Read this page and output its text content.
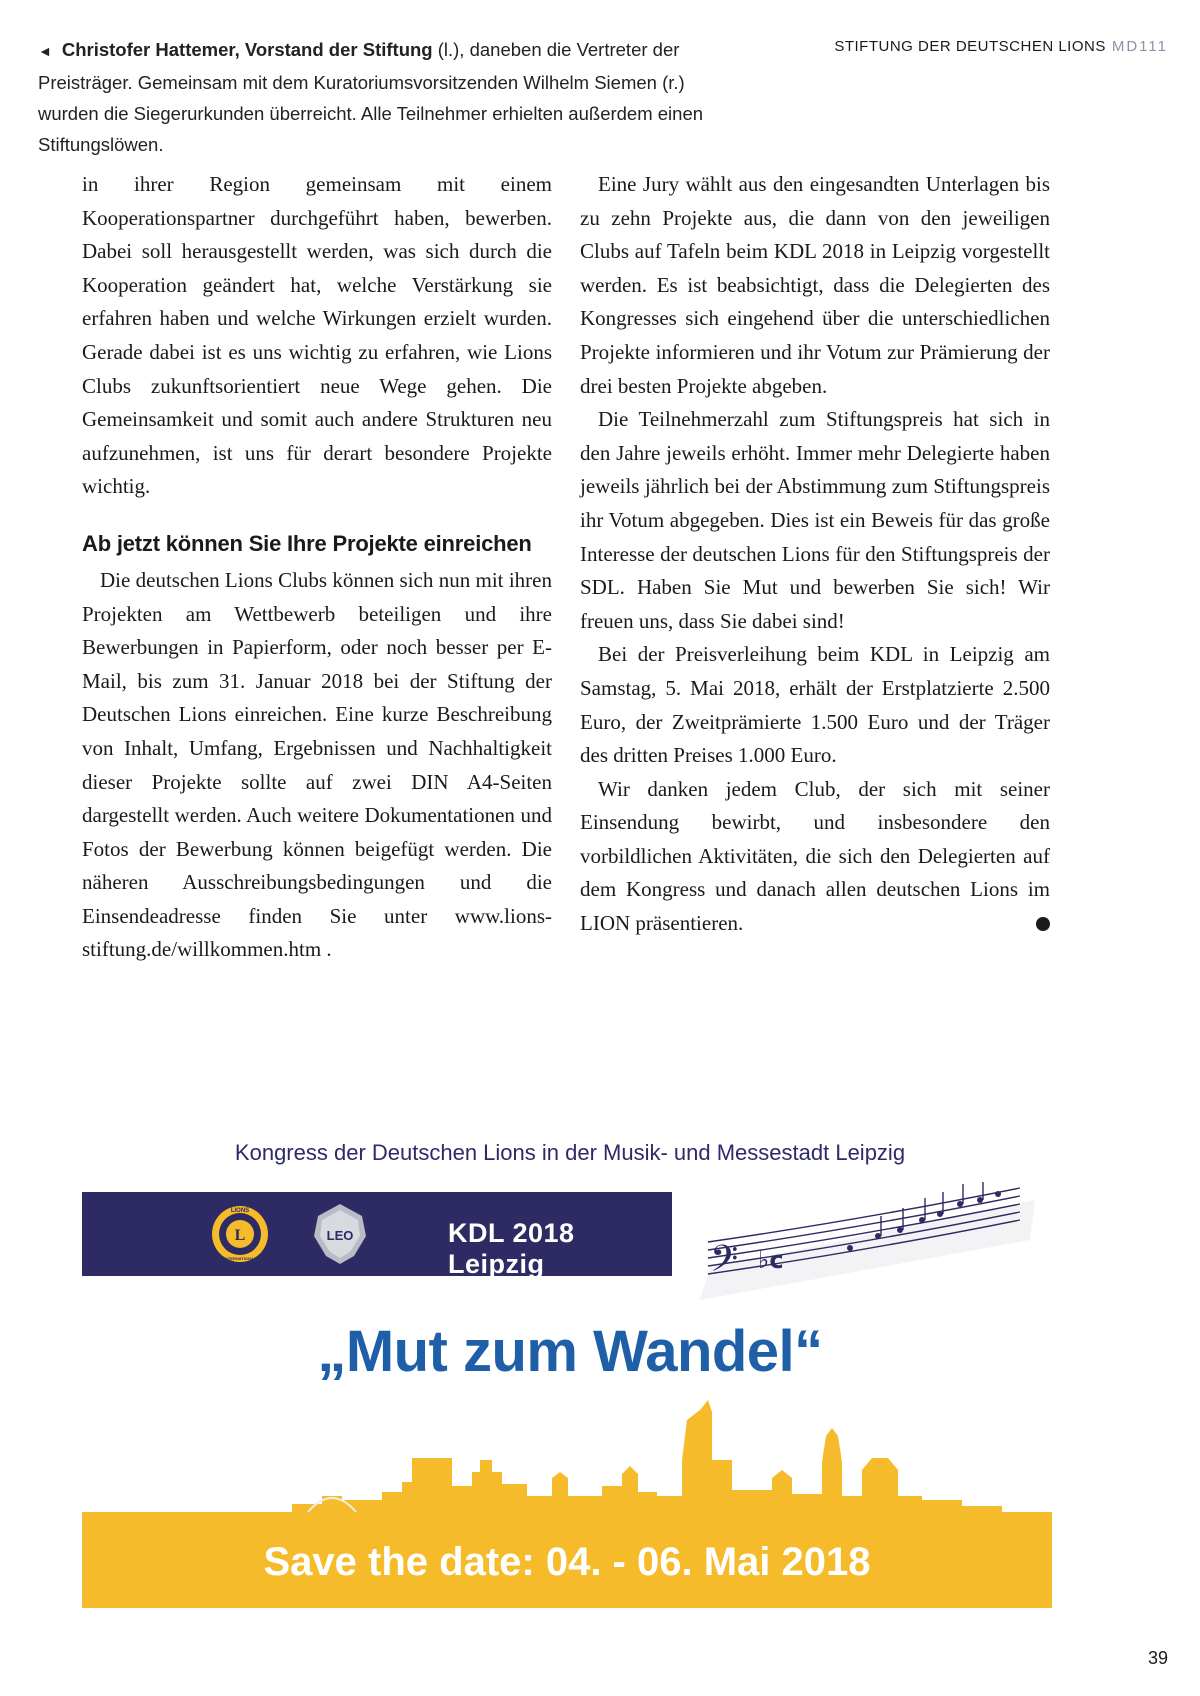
◄ Christofer Hattemer, Vorstand der Stiftung (l.), daneben die Vertreter der Preisträger. Gemeinsam mit dem Kuratoriumsvorsitzenden Wilhelm Siemen (r.) wurden die Siegerurkunden überreicht. Alle Teilnehmer erhielten außerdem einen Stiftungslöwen.
STIFTUNG DER DEUTSCHEN LIONS MD111

in ihrer Region gemeinsam mit einem Kooperationspartner durchgeführt haben, bewerben. Dabei soll herausgestellt werden, was sich durch die Kooperation geändert hat, welche Verstärkung sie erfahren haben und welche Wirkungen erzielt wurden. Gerade dabei ist es uns wichtig zu erfahren, wie Lions Clubs zukunftsorientiert neue Wege gehen. Die Gemeinsamkeit und somit auch andere Strukturen neu aufzunehmen, ist uns für derart besondere Projekte wichtig.

Ab jetzt können Sie Ihre Projekte einreichen

Die deutschen Lions Clubs können sich nun mit ihren Projekten am Wettbewerb beteiligen und ihre Bewerbungen in Papierform, oder noch besser per E-Mail, bis zum 31. Januar 2018 bei der Stiftung der Deutschen Lions einreichen. Eine kurze Beschreibung von Inhalt, Umfang, Ergebnissen und Nachhaltigkeit dieser Projekte sollte auf zwei DIN A4-Seiten dargestellt werden. Auch weitere Dokumentationen und Fotos der Bewerbung können beigefügt werden. Die näheren Ausschreibungsbedingungen und die Einsendeadresse finden Sie unter www.lions-stiftung.de/willkommen.htm .

Eine Jury wählt aus den eingesandten Unterlagen bis zu zehn Projekte aus, die dann von den jeweiligen Clubs auf Tafeln beim KDL 2018 in Leipzig vorgestellt werden. Es ist beabsichtigt, dass die Delegierten des Kongresses sich eingehend über die unterschiedlichen Projekte informieren und ihr Votum zur Prämierung der drei besten Projekte abgeben.

Die Teilnehmerzahl zum Stiftungspreis hat sich in den Jahre jeweils erhöht. Immer mehr Delegierte haben jeweils jährlich bei der Abstimmung zum Stiftungspreis ihr Votum abgegeben. Dies ist ein Beweis für das große Interesse der deutschen Lions für den Stiftungspreis der SDL. Haben Sie Mut und bewerben Sie sich! Wir freuen uns, dass Sie dabei sind!

Bei der Preisverleihung beim KDL in Leipzig am Samstag, 5. Mai 2018, erhält der Erstplatzierte 2.500 Euro, der Zweitprämierte 1.500 Euro und der Träger des dritten Preises 1.000 Euro.

Wir danken jedem Club, der sich mit seiner Einsendung bewirbt, und insbesondere den vorbildlichen Aktivitäten, die sich den Delegierten auf dem Kongress und danach allen deutschen Lions im LION präsentieren.	L

Kongress der Deutschen Lions in der Musik- und Messestadt Leipzig
L
LIONS
INTERNATIONAL
LEO	KDL 2018 Leipzig	𝄢 ♭c
„Mut zum Wandel“
Save the date: 04. - 06. Mai 2018
39
